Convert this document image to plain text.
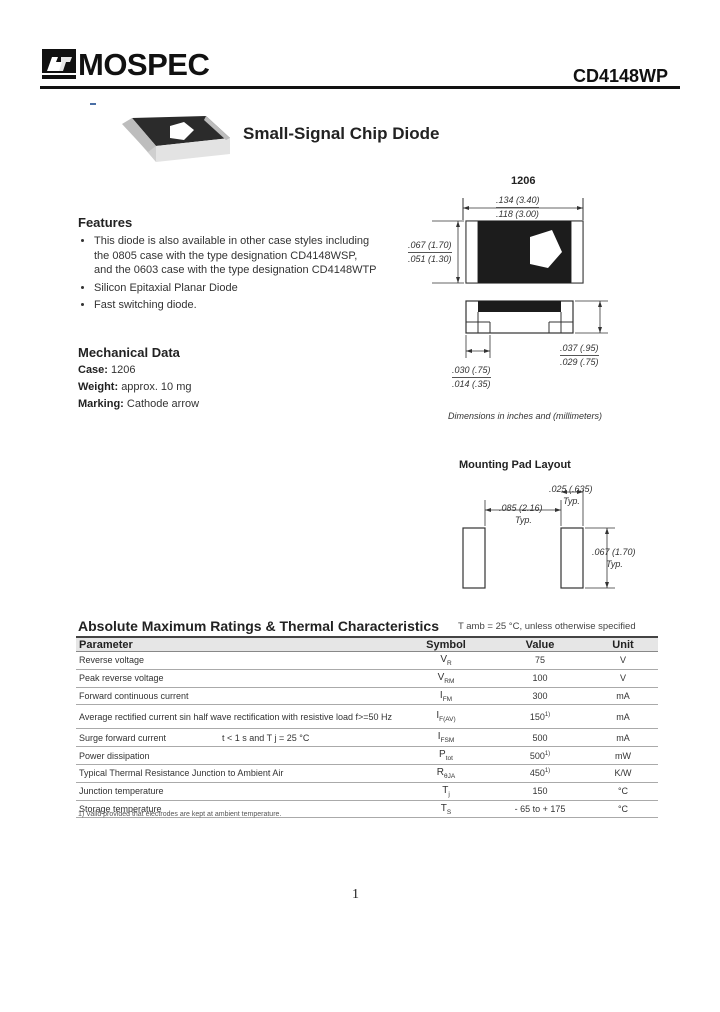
MOSPEC	CD4148WP
Small-Signal Chip Diode
1206
.134 (3.40)
.118 (3.00)
.067 (1.70)
.051 (1.30)
.037 (.95)
.029 (.75)
.030 (.75)
.014 (.35)
Dimensions in inches and (millimeters)
Features
• This diode is also available in other case styles including the 0805 case with the type designation CD4148WSP, and the 0603 case with the type designation CD4148WTP
• Silicon Epitaxial Planar Diode
• Fast switching diode.
Mechanical Data
Case: 1206
Weight: approx. 10 mg
Marking: Cathode arrow
Mounting Pad Layout
.025 (.635)
Typ.
.085 (2.16)
Typ.
.067 (1.70)
Typ.
Absolute Maximum Ratings & Thermal Characteristics T amb = 25 °C, unless otherwise specified
Parameter	Symbol	Value	Unit
Reverse voltage	$V_R$	75	V
Peak reverse voltage	$V_{RM}$	100	V
Forward continuous current	$I_{FM}$	300	mA
Average rectified current sin half wave rectification with resistive load f>=50 Hz	$I_{F(AV)}$	150$^{1)}$	mA
Surge forward current t < 1 s and T j = 25 °C	$I_{FSM}$	500	mA
Power dissipation	$P_{tot}$	500$^{1)}$	mW
Typical Thermal Resistance Junction to Ambient Air	$R_{\theta JA}$	450$^{1)}$	K/W
Junction temperature	$T_j$	150	°C
Storage temperature	$T_S$	- 65 to + 175	°C
1) Valid provided that electrodes are kept at ambient temperature.
1
